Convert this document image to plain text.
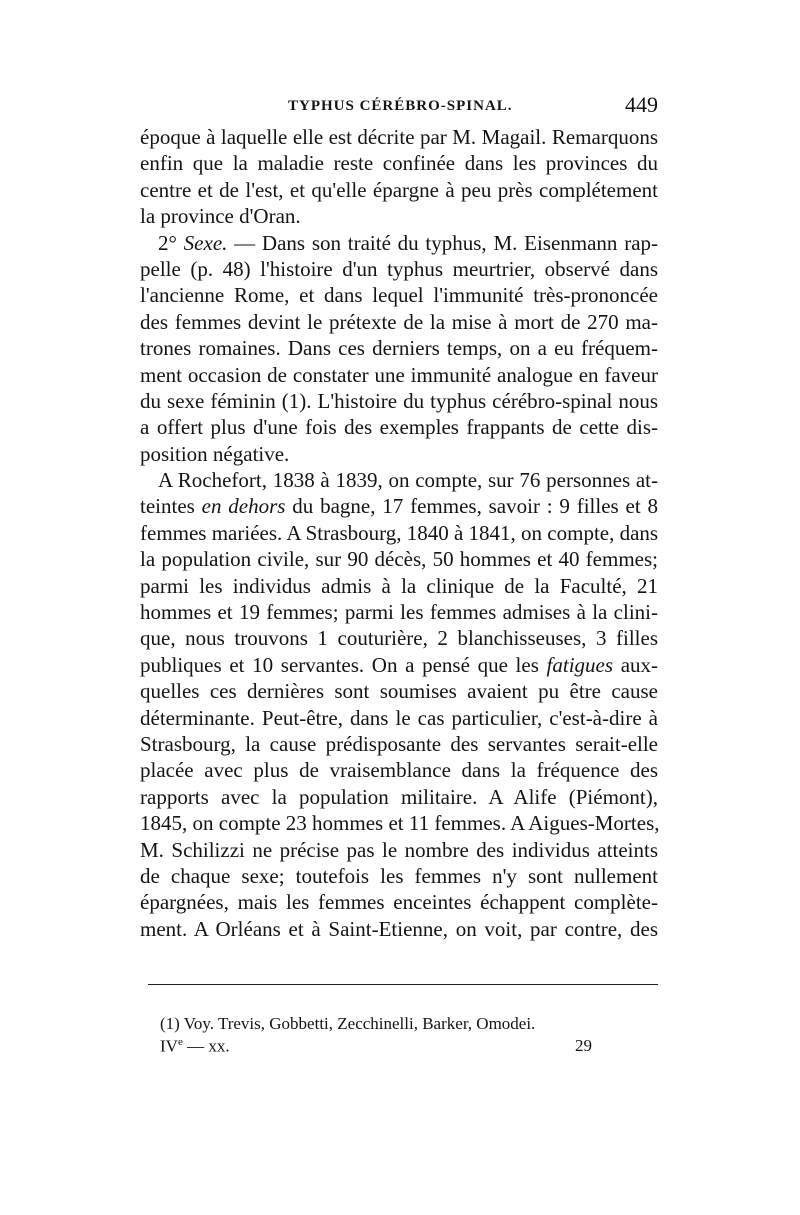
TYPHUS CÉRÉBRO-SPINAL.	449
époque à laquelle elle est décrite par M. Magail. Remarquons
enfin que la maladie reste confinée dans les provinces du
centre et de l'est, et qu'elle épargne à peu près complétement
la province d'Oran.
2° Sexe. — Dans son traité du typhus, M. Eisenmann rap-
pelle (p. 48) l'histoire d'un typhus meurtrier, observé dans
l'ancienne Rome, et dans lequel l'immunité très-prononcée
des femmes devint le prétexte de la mise à mort de 270 ma-
trones romaines. Dans ces derniers temps, on a eu fréquem-
ment occasion de constater une immunité analogue en faveur
du sexe féminin (1). L'histoire du typhus cérébro-spinal nous
a offert plus d'une fois des exemples frappants de cette dis-
position négative.
A Rochefort, 1838 à 1839, on compte, sur 76 personnes at-
teintes en dehors du bagne, 17 femmes, savoir : 9 filles et 8
femmes mariées. A Strasbourg, 1840 à 1841, on compte, dans
la population civile, sur 90 décès, 50 hommes et 40 femmes;
parmi les individus admis à la clinique de la Faculté, 21
hommes et 19 femmes; parmi les femmes admises à la clini-
que, nous trouvons 1 couturière, 2 blanchisseuses, 3 filles
publiques et 10 servantes. On a pensé que les fatigues aux-
quelles ces dernières sont soumises avaient pu être cause
déterminante. Peut-être, dans le cas particulier, c'est-à-dire à
Strasbourg, la cause prédisposante des servantes serait-elle
placée avec plus de vraisemblance dans la fréquence des
rapports avec la population militaire. A Alife (Piémont),
1845, on compte 23 hommes et 11 femmes. A Aigues-Mortes,
M. Schilizzi ne précise pas le nombre des individus atteints
de chaque sexe; toutefois les femmes n'y sont nullement
épargnées, mais les femmes enceintes échappent complète-
ment. A Orléans et à Saint-Etienne, on voit, par contre, des
(1) Voy. Trevis, Gobbetti, Zecchinelli, Barker, Omodei.
IVe — xx.	29
